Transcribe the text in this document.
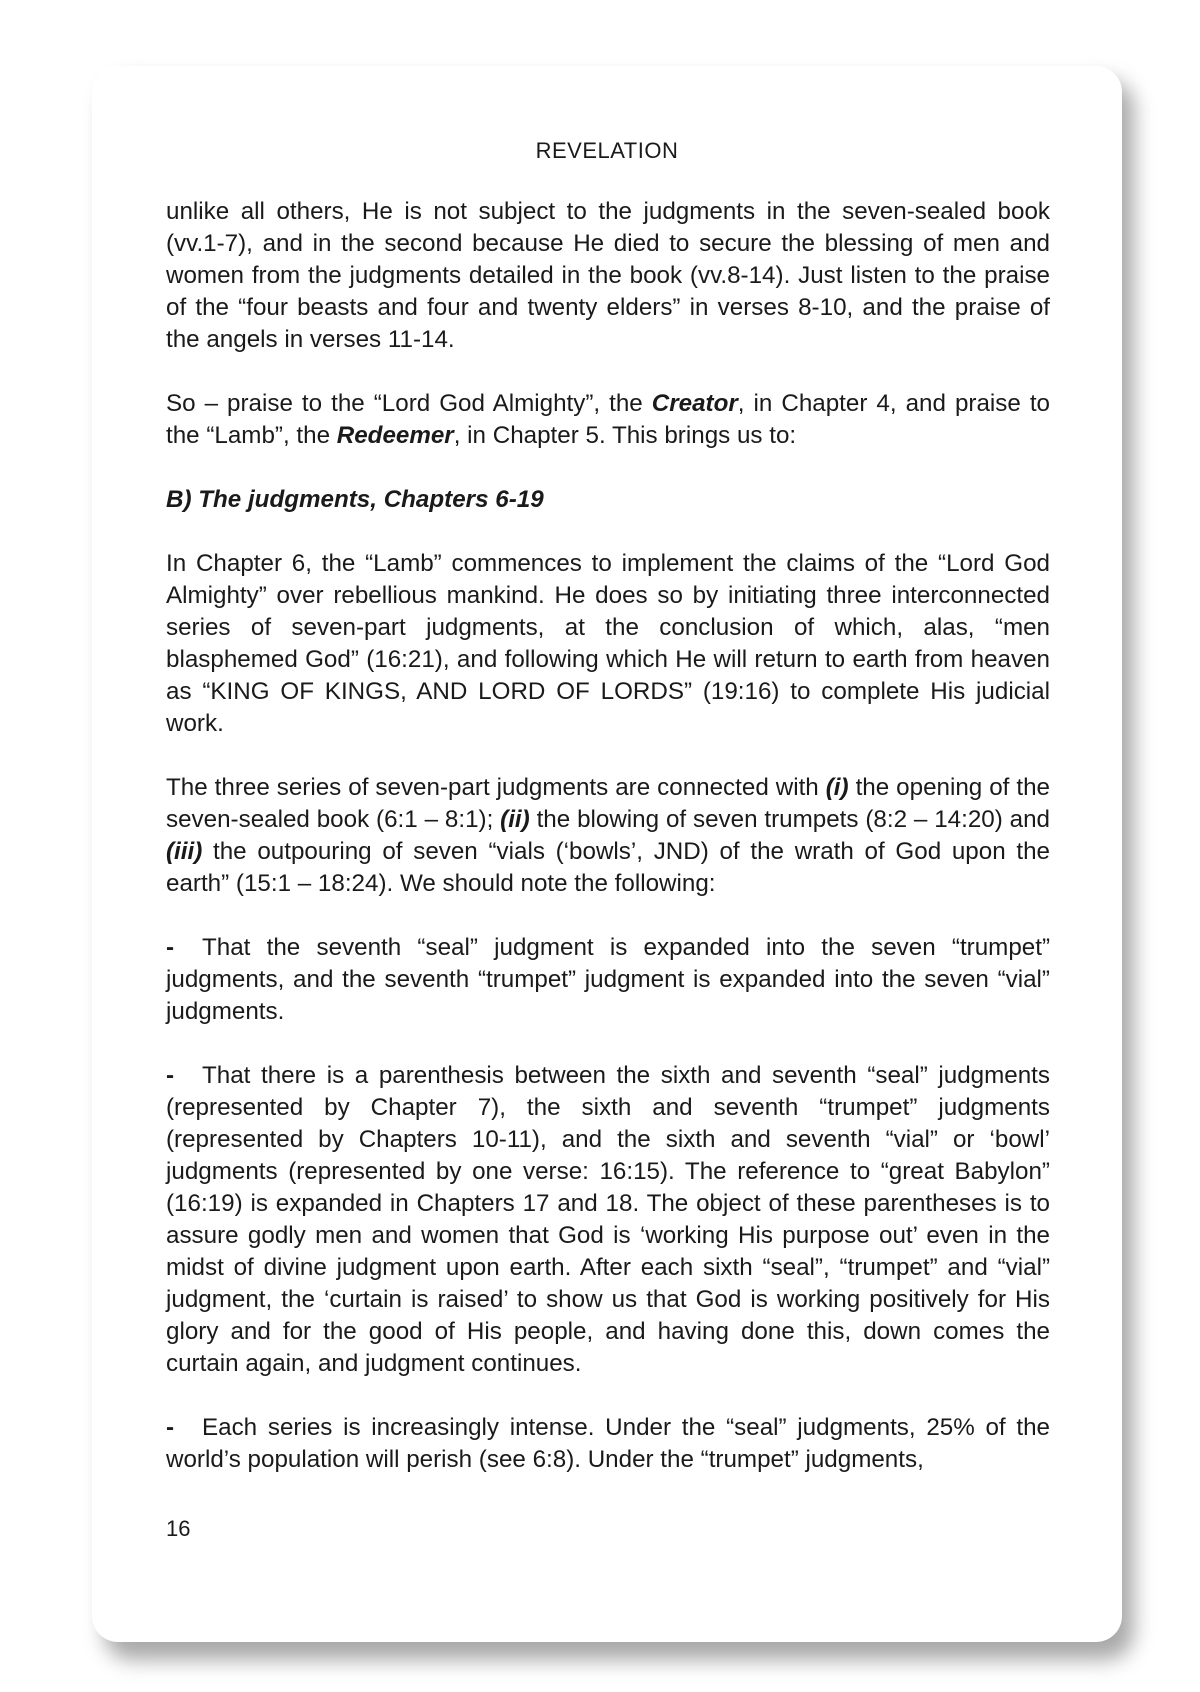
REVELATION

unlike all others, He is not subject to the judgments in the seven-sealed book (vv.1-7), and in the second because He died to secure the blessing of men and women from the judgments detailed in the book (vv.8-14). Just listen to the praise of the “four beasts and four and twenty elders” in verses 8-10, and the praise of the angels in verses 11-14.

So – praise to the “Lord God Almighty”, the Creator, in Chapter 4, and praise to the “Lamb”, the Redeemer, in Chapter 5. This brings us to:

B) The judgments, Chapters 6-19

In Chapter 6, the “Lamb” commences to implement the claims of the “Lord God Almighty” over rebellious mankind. He does so by initiating three interconnected series of seven-part judgments, at the conclusion of which, alas, “men blasphemed God” (16:21), and following which He will return to earth from heaven as “KING OF KINGS, AND LORD OF LORDS” (19:16) to complete His judicial work.

The three series of seven-part judgments are connected with (i) the opening of the seven-sealed book (6:1 – 8:1); (ii) the blowing of seven trumpets (8:2 – 14:20) and (iii) the outpouring of seven “vials (‘bowls’, JND) of the wrath of God upon the earth” (15:1 – 18:24). We should note the following:

- That the seventh “seal” judgment is expanded into the seven “trumpet” judgments, and the seventh “trumpet” judgment is expanded into the seven “vial” judgments.

- That there is a parenthesis between the sixth and seventh “seal” judgments (represented by Chapter 7), the sixth and seventh “trumpet” judgments (represented by Chapters 10-11), and the sixth and seventh “vial” or ‘bowl’ judgments (represented by one verse: 16:15). The reference to “great Babylon” (16:19) is expanded in Chapters 17 and 18. The object of these parentheses is to assure godly men and women that God is ‘working His purpose out’ even in the midst of divine judgment upon earth. After each sixth “seal”, “trumpet” and “vial” judgment, the ‘curtain is raised’ to show us that God is working positively for His glory and for the good of His people, and having done this, down comes the curtain again, and judgment continues.

- Each series is increasingly intense. Under the “seal” judgments, 25% of the world’s population will perish (see 6:8). Under the “trumpet” judgments,

16
